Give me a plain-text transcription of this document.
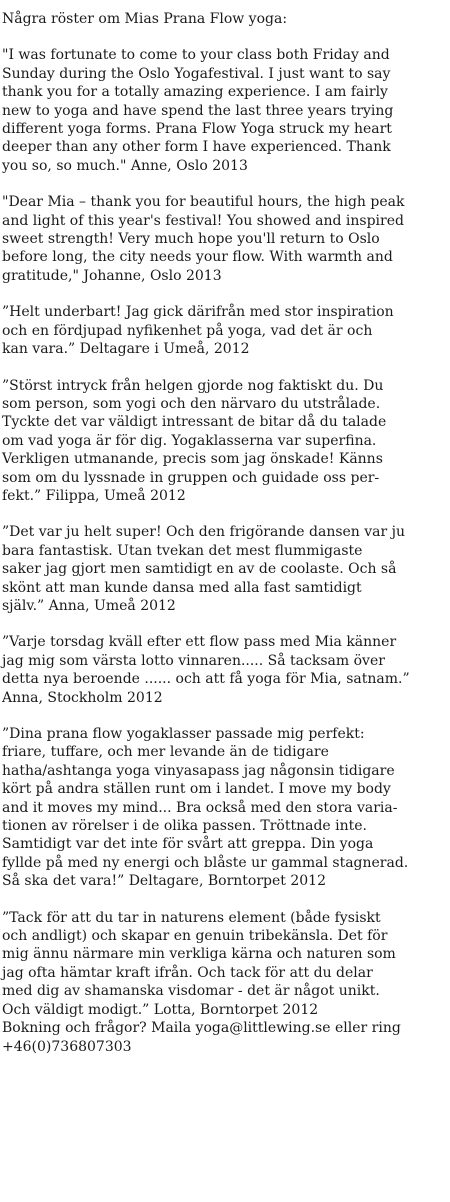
Några röster om Mias Prana Flow yoga:

"I was fortunate to come to your class both Friday and
Sunday during the Oslo Yogafestival. I just want to say
thank you for a totally amazing experience. I am fairly
new to yoga and have spend the last three years trying
different yoga forms. Prana Flow Yoga struck my heart
deeper than any other form I have experienced. Thank
you so, so much." Anne, Oslo 2013

"Dear Mia – thank you for beautiful hours, the high peak
and light of this year's festival! You showed and inspired
sweet strength! Very much hope you'll return to Oslo
before long, the city needs your flow. With warmth and
gratitude," Johanne, Oslo 2013

”Helt underbart! Jag gick därifrån med stor inspiration
och en fördjupad nyfikenhet på yoga, vad det är och
kan vara.” Deltagare i Umeå, 2012

”Störst intryck från helgen gjorde nog faktiskt du. Du
som person, som yogi och den närvaro du utstrålade.
Tyckte det var väldigt intressant de bitar då du talade
om vad yoga är för dig. Yogaklasserna var superfina.
Verkligen utmanande, precis som jag önskade! Känns
som om du lyssnade in gruppen och guidade oss per-
fekt.” Filippa, Umeå 2012

”Det var ju helt super! Och den frigörande dansen var ju
bara fantastisk. Utan tvekan det mest flummigaste
saker jag gjort men samtidigt en av de coolaste. Och så
skönt att man kunde dansa med alla fast samtidigt
själv.” Anna, Umeå 2012

”Varje torsdag kväll efter ett flow pass med Mia känner
jag mig som värsta lotto vinnaren..... Så tacksam över
detta nya beroende ...... och att få yoga för Mia, satnam.”
Anna, Stockholm 2012

”Dina prana flow yogaklasser passade mig perfekt:
friare, tuffare, och mer levande än de tidigare
hatha/ashtanga yoga vinyasapass jag någonsin tidigare
kört på andra ställen runt om i landet. I move my body
and it moves my mind... Bra också med den stora varia-
tionen av rörelser i de olika passen. Tröttnade inte.
Samtidigt var det inte för svårt att greppa. Din yoga
fyllde på med ny energi och blåste ur gammal stagnerad.
Så ska det vara!” Deltagare, Borntorpet 2012

”Tack för att du tar in naturens element (både fysiskt
och andligt) och skapar en genuin tribekänsla. Det för
mig ännu närmare min verkliga kärna och naturen som
jag ofta hämtar kraft ifrån. Och tack för att du delar
med dig av shamanska visdomar - det är något unikt.
Och väldigt modigt.” Lotta, Borntorpet 2012

Bokning och frågor? Maila yoga@littlewing.se eller ring
+46(0)736807303
